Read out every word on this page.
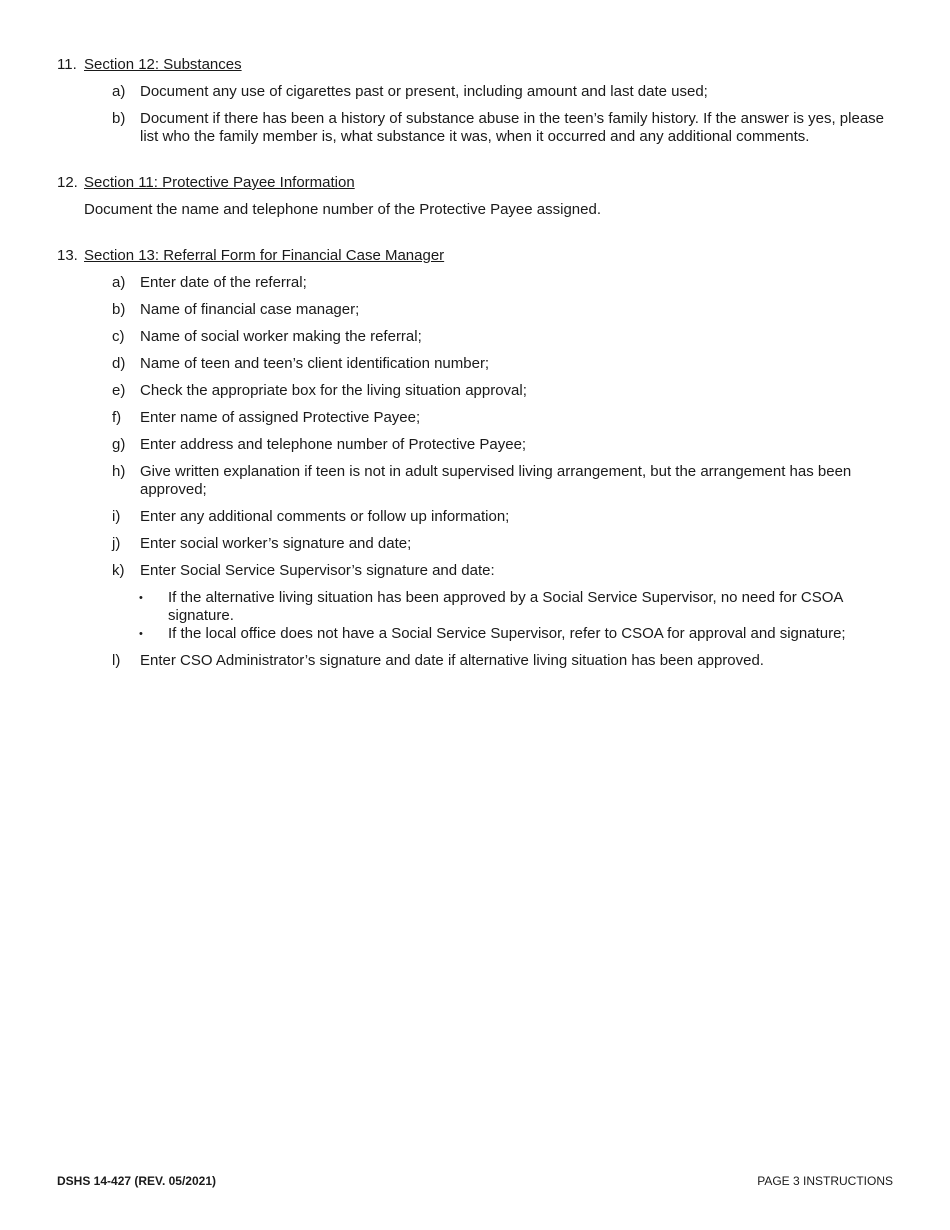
11. Section 12: Substances
a) Document any use of cigarettes past or present, including amount and last date used;
b) Document if there has been a history of substance abuse in the teen’s family history. If the answer is yes, please list who the family member is, what substance it was, when it occurred and any additional comments.
12. Section 11: Protective Payee Information
Document the name and telephone number of the Protective Payee assigned.
13. Section 13: Referral Form for Financial Case Manager
a) Enter date of the referral;
b) Name of financial case manager;
c) Name of social worker making the referral;
d) Name of teen and teen’s client identification number;
e) Check the appropriate box for the living situation approval;
f) Enter name of assigned Protective Payee;
g) Enter address and telephone number of Protective Payee;
h) Give written explanation if teen is not in adult supervised living arrangement, but the arrangement has been approved;
i) Enter any additional comments or follow up information;
j) Enter social worker’s signature and date;
k) Enter Social Service Supervisor’s signature and date:
• If the alternative living situation has been approved by a Social Service Supervisor, no need for CSOA signature.
• If the local office does not have a Social Service Supervisor, refer to CSOA for approval and signature;
l) Enter CSO Administrator’s signature and date if alternative living situation has been approved.
DSHS 14-427 (REV. 05/2021)	PAGE 3 INSTRUCTIONS
